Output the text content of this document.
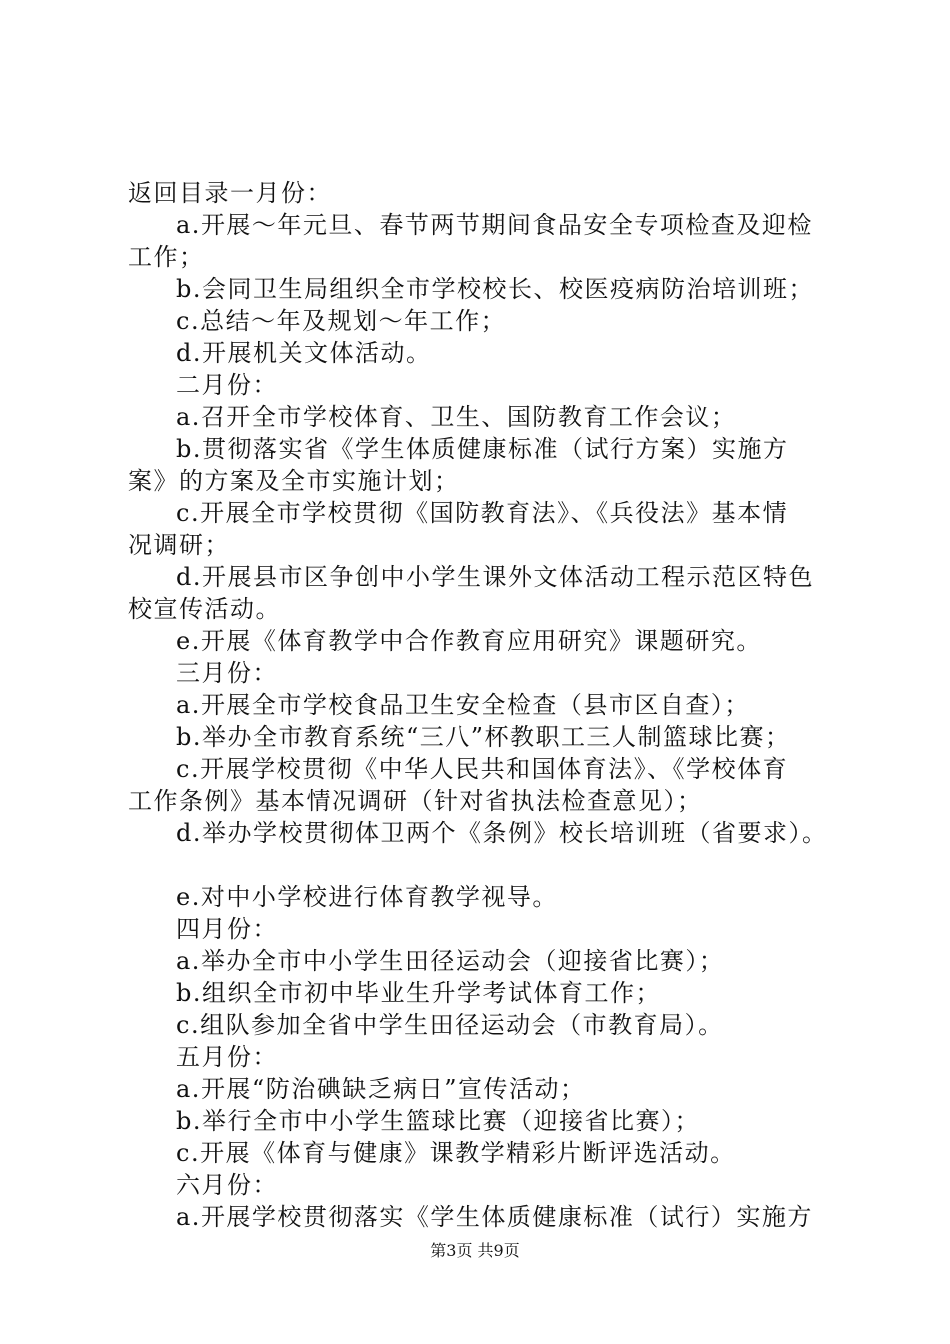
返回目录一月份：
a.开展～年元旦、春节两节期间食品安全专项检查及迎检
工作；
b.会同卫生局组织全市学校校长、校医疫病防治培训班；
c.总结～年及规划～年工作；
d.开展机关文体活动。
二月份：
a.召开全市学校体育、卫生、国防教育工作会议；
b.贯彻落实省《学生体质健康标准（试行方案）实施方
案》的方案及全市实施计划；
c.开展全市学校贯彻《国防教育法》、《兵役法》基本情
况调研；
d.开展县市区争创中小学生课外文体活动工程示范区特色
校宣传活动。
e.开展《体育教学中合作教育应用研究》课题研究。
三月份：
a.开展全市学校食品卫生安全检查（县市区自查）；
b.举办全市教育系统“三八”杯教职工三人制篮球比赛；
c.开展学校贯彻《中华人民共和国体育法》、《学校体育
工作条例》基本情况调研（针对省执法检查意见）；
d.举办学校贯彻体卫两个《条例》校长培训班（省要求）。
e.对中小学校进行体育教学视导。
四月份：
a.举办全市中小学生田径运动会（迎接省比赛）；
b.组织全市初中毕业生升学考试体育工作；
c.组队参加全省中学生田径运动会（市教育局）。
五月份：
a.开展“防治碘缺乏病日”宣传活动；
b.举行全市中小学生篮球比赛（迎接省比赛）；
c.开展《体育与健康》课教学精彩片断评选活动。
六月份：
a.开展学校贯彻落实《学生体质健康标准（试行）实施方
第3页 共9页
